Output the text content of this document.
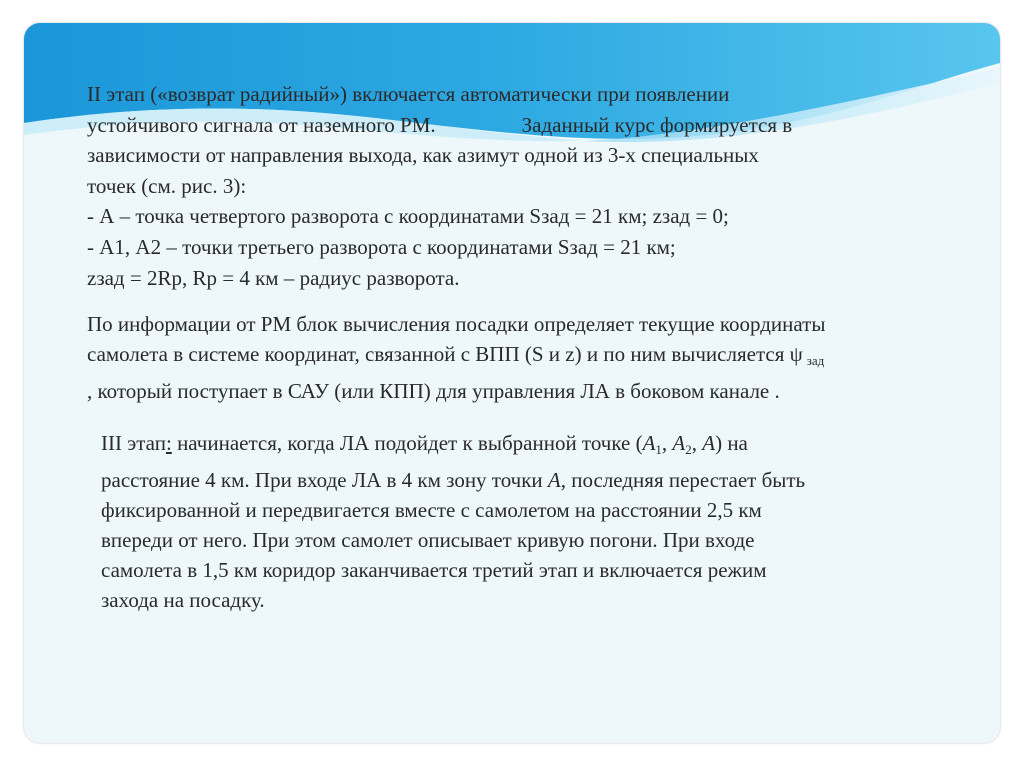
II этап («возврат радийный») включается автоматически при появлении
устойчивого сигнала от наземного РМ.	Заданный курс формируется в
зависимости от направления выхода, как азимут одной из 3-х специальных
точек (см. рис. 3):
- А – точка четвертого разворота с координатами Sзад = 21 км; zзад = 0;
- А1, А2 – точки третьего разворота с координатами Sзад = 21 км;
zзад = 2Rр, Rр = 4 км – радиус разворота.

По информации от РМ блок вычисления посадки определяет текущие координаты
самолета в системе координат, связанной с ВПП (S и z) и по ним вычисляется ψ зад
, который поступает в САУ (или КПП) для управления ЛА в боковом канале .

III этап: начинается, когда ЛА подойдет к выбранной точке ($A_1$, $A_2$, A) на
расстояние 4 км. При входе ЛА в 4 км зону точки A, последняя перестает быть
фиксированной и передвигается вместе с самолетом на расстоянии 2,5 км
впереди от него. При этом самолет описывает кривую погони. При входе
самолета в 1,5 км коридор заканчивается третий этап и включается режим
захода на посадку.
